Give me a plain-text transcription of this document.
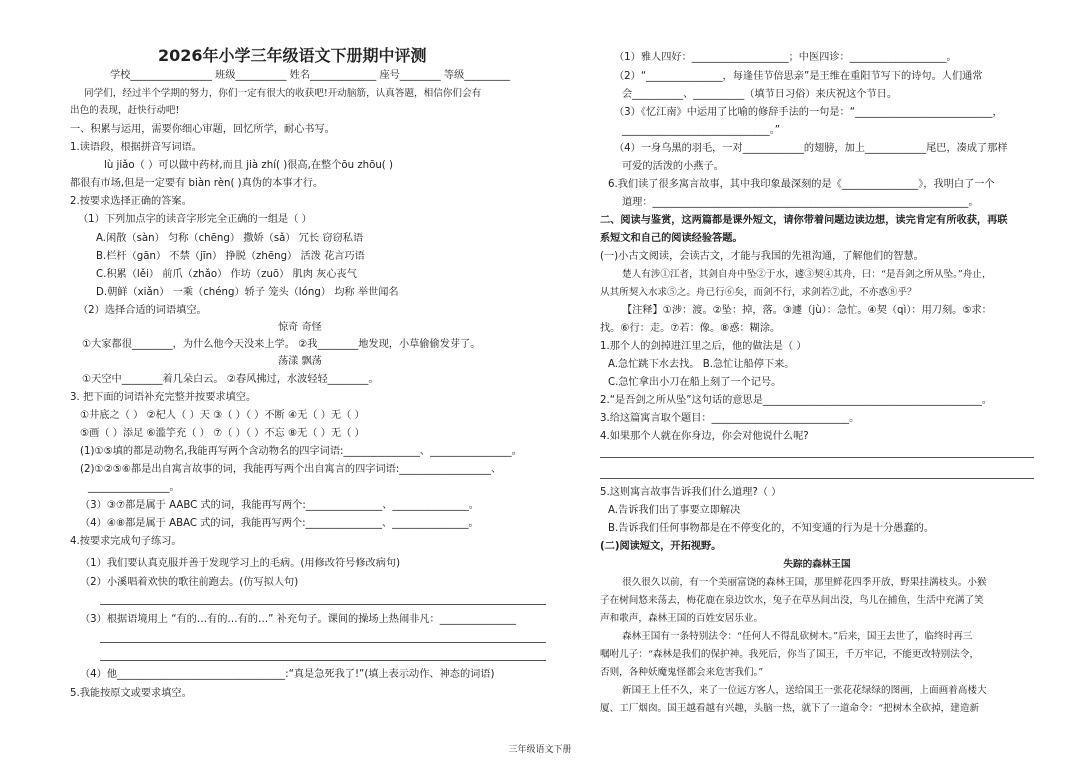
2026年小学三年级语文下册期中评测
学校________________ 班级__________ 姓名_____________ 座号________ 等级_________
同学们，经过半个学期的努力，你们一定有很大的收获吧!开动脑筋，认真答题，相信你们会有
出色的表现，赶快行动吧!
一、积累与运用，需要你细心审题，回忆所学，耐心书写。
1.读语段，根据拼音写词语。
lù jiǎo（ ）可以做中药材,而且 jià zhí( )很高,在整个ōu zhōu( )
都很有市场,但是一定要有 biàn rèn( )真伪的本事才行。
2.按要求选择正确的答案。
（1）下列加点字的读音字形完全正确的一组是（ ）
A.闲散（sàn） 匀称（chēng） 撒娇（sǎ） 冗长 窃窃私语
B.栏杆（gān） 不禁（jīn） 挣脱（zhēng） 活泼 花言巧语
C.积累（lěi） 前爪（zhǎo） 作坊（zuō） 肌肉 灰心丧气
D.朝鲜（xiǎn） 一乘（chéng）轿子 笼头（lóng） 均称 举世闻名
（2）选择合适的词语填空。
惊奇 奇怪
①大家都很________，为什么他今天没来上学。 ②我________地发现，小草偷偷发芽了。
荡漾 飘荡
①天空中________着几朵白云。 ②春风拂过，水波轻轻________。
3. 把下面的词语补充完整并按要求填空。
①井底之（ ） ②杞人（ ）天 ③（ ）（ ）不断 ④无（ ）无（ ）
⑤画（ ）添足 ⑥滥竽充（ ） ⑦（ ）（ ）不忘 ⑧无（ ）无（ ）
(1)①⑤填的都是动物名,我能再写两个含动物名的四字词语:_______________、________________。
(2)①②⑤⑥都是出自寓言故事的词，我能再写两个出自寓言的四字词语:__________________、
________________。
（3）③⑦都是属于 AABC 式的词，我能再写两个:_______________、_______________。
（4）④⑧都是属于 ABAC 式的词，我能再写两个:_______________、_______________。
4.按要求完成句子练习。
（1）我们要认真克服并善于发现学习上的毛病。(用修改符号修改病句)
（2）小溪唱着欢快的歌往前跑去。(仿写拟人句)
（3）根据语境用上 “有的…有的…有的…” 补充句子。课间的操场上热闹非凡：_______________
（4）他_________________________________:“真是急死我了!”(填上表示动作、神态的词语)
5.我能按原文或要求填空。
（1）雅人四好：___________________；中医四诊：___________________。
（2）“_______________，每逢佳节倍思亲”是王维在重阳节写下的诗句。人们通常
会__________、__________（填节日习俗）来庆祝这个节日。
（3）《忆江南》中运用了比喻的修辞手法的一句是：“___________________________，
_____________________________。”
（4）一身乌黑的羽毛，一对____________的翅膀，加上____________尾巴，凑成了那样
可爱的活泼的小燕子。
6.我们读了很多寓言故事，其中我印象最深刻的是《_______________》，我明白了一个
道理：______________________________________________________________。
二、阅读与鉴赏，这两篇都是课外短文，请你带着问题边读边想，读完肯定有所收获，再联
系短文和自己的阅读经验答题。
(一)小古文阅读，会读古文，才能与我国的先祖沟通，了解他们的智慧。
楚人有涉①江者，其剑自舟中坠②于水，遽③契④其舟，曰：“是吾剑之所从坠。”舟止，
从其所契入水求⑤之。舟已行⑥矣，而剑不行，求剑若⑦此，不亦惑⑧乎？
【注释】①涉：渡。②坠：掉，落。③遽（jù）：急忙。④契（qì）：用刀刻。⑤求：
找。⑥行：走。⑦若：像。⑧惑：糊涂。
1.那个人的剑掉进江里之后，他的做法是（ ）
A.急忙跳下水去找。 B.急忙让船停下来。
C.急忙拿出小刀在船上刻了一个记号。
2.“是吾剑之所从坠”这句话的意思是___________________________________________。
3.给这篇寓言取个题目：___________________________。
4.如果那个人就在你身边，你会对他说什么呢?
5.这则寓言故事告诉我们什么道理?（ ）
A.告诉我们出了事要立即解决
B.告诉我们任何事物都是在不停变化的，不知变通的行为是十分愚蠢的。
(二)阅读短文，开拓视野。
失踪的森林王国
很久很久以前，有一个美丽富饶的森林王国，那里鲜花四季开放，野果挂满枝头。小猴
子在树间悠来荡去，梅花鹿在泉边饮水，兔子在草丛间出没，鸟儿在捕鱼，生活中充满了笑
声和歌声，森林王国的百姓安居乐业。
森林王国有一条特别法令：“任何人不得乱砍树木。”后来，国王去世了，临终时再三
嘱咐儿子：“森林是我们的保护神。我死后，你当了国王，千万牢记，不能更改特别法令，
否则，各种妖魔鬼怪都会来危害我们。”
新国王上任不久，来了一位远方客人，送给国王一张花花绿绿的图画，上面画着高楼大
厦、工厂烟囱。国王越看越有兴趣，头脑一热，就下了一道命令：“把树木全砍掉，建造新
三年级语文下册
